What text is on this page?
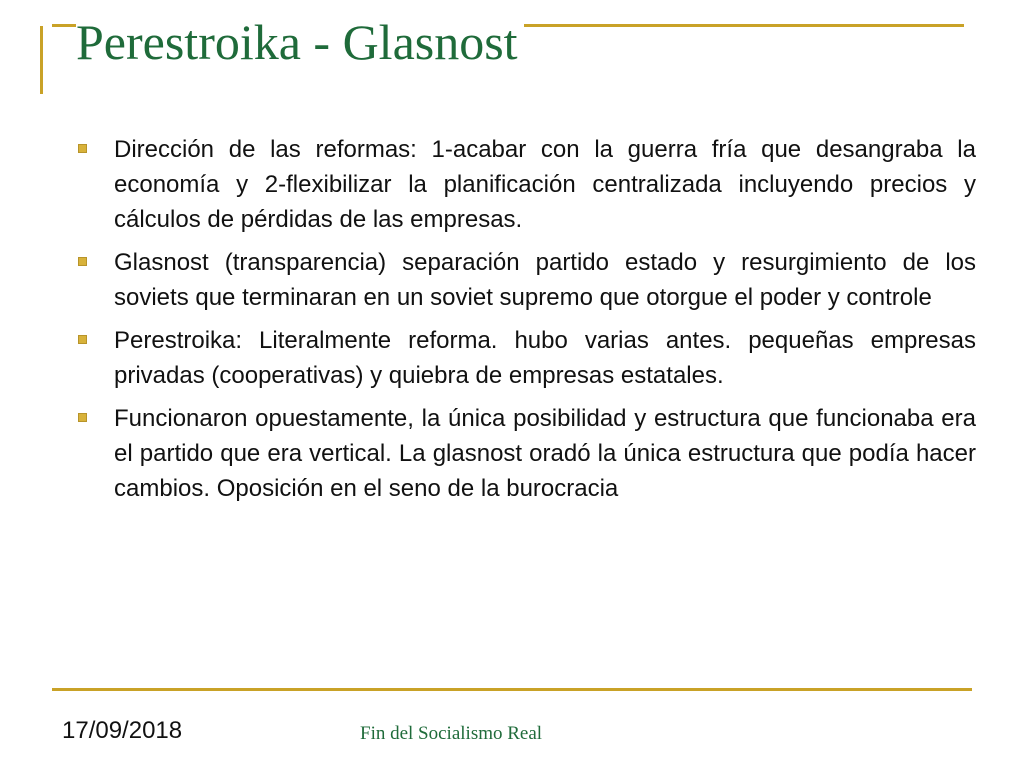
Perestroika - Glasnost
Dirección de las reformas: 1-acabar con la guerra fría que desangraba la economía y 2-flexibilizar la planificación centralizada incluyendo precios y cálculos de pérdidas de las empresas.
Glasnost (transparencia) separación partido estado y resurgimiento de los soviets que terminaran en un soviet supremo que otorgue el poder y controle
Perestroika: Literalmente reforma. hubo varias antes. pequeñas empresas privadas (cooperativas) y quiebra de empresas estatales.
Funcionaron opuestamente, la única posibilidad y estructura que funcionaba era el partido que era vertical. La glasnost oradó la única estructura que podía hacer cambios. Oposición en el seno de la burocracia
17/09/2018	Fin del Socialismo Real
